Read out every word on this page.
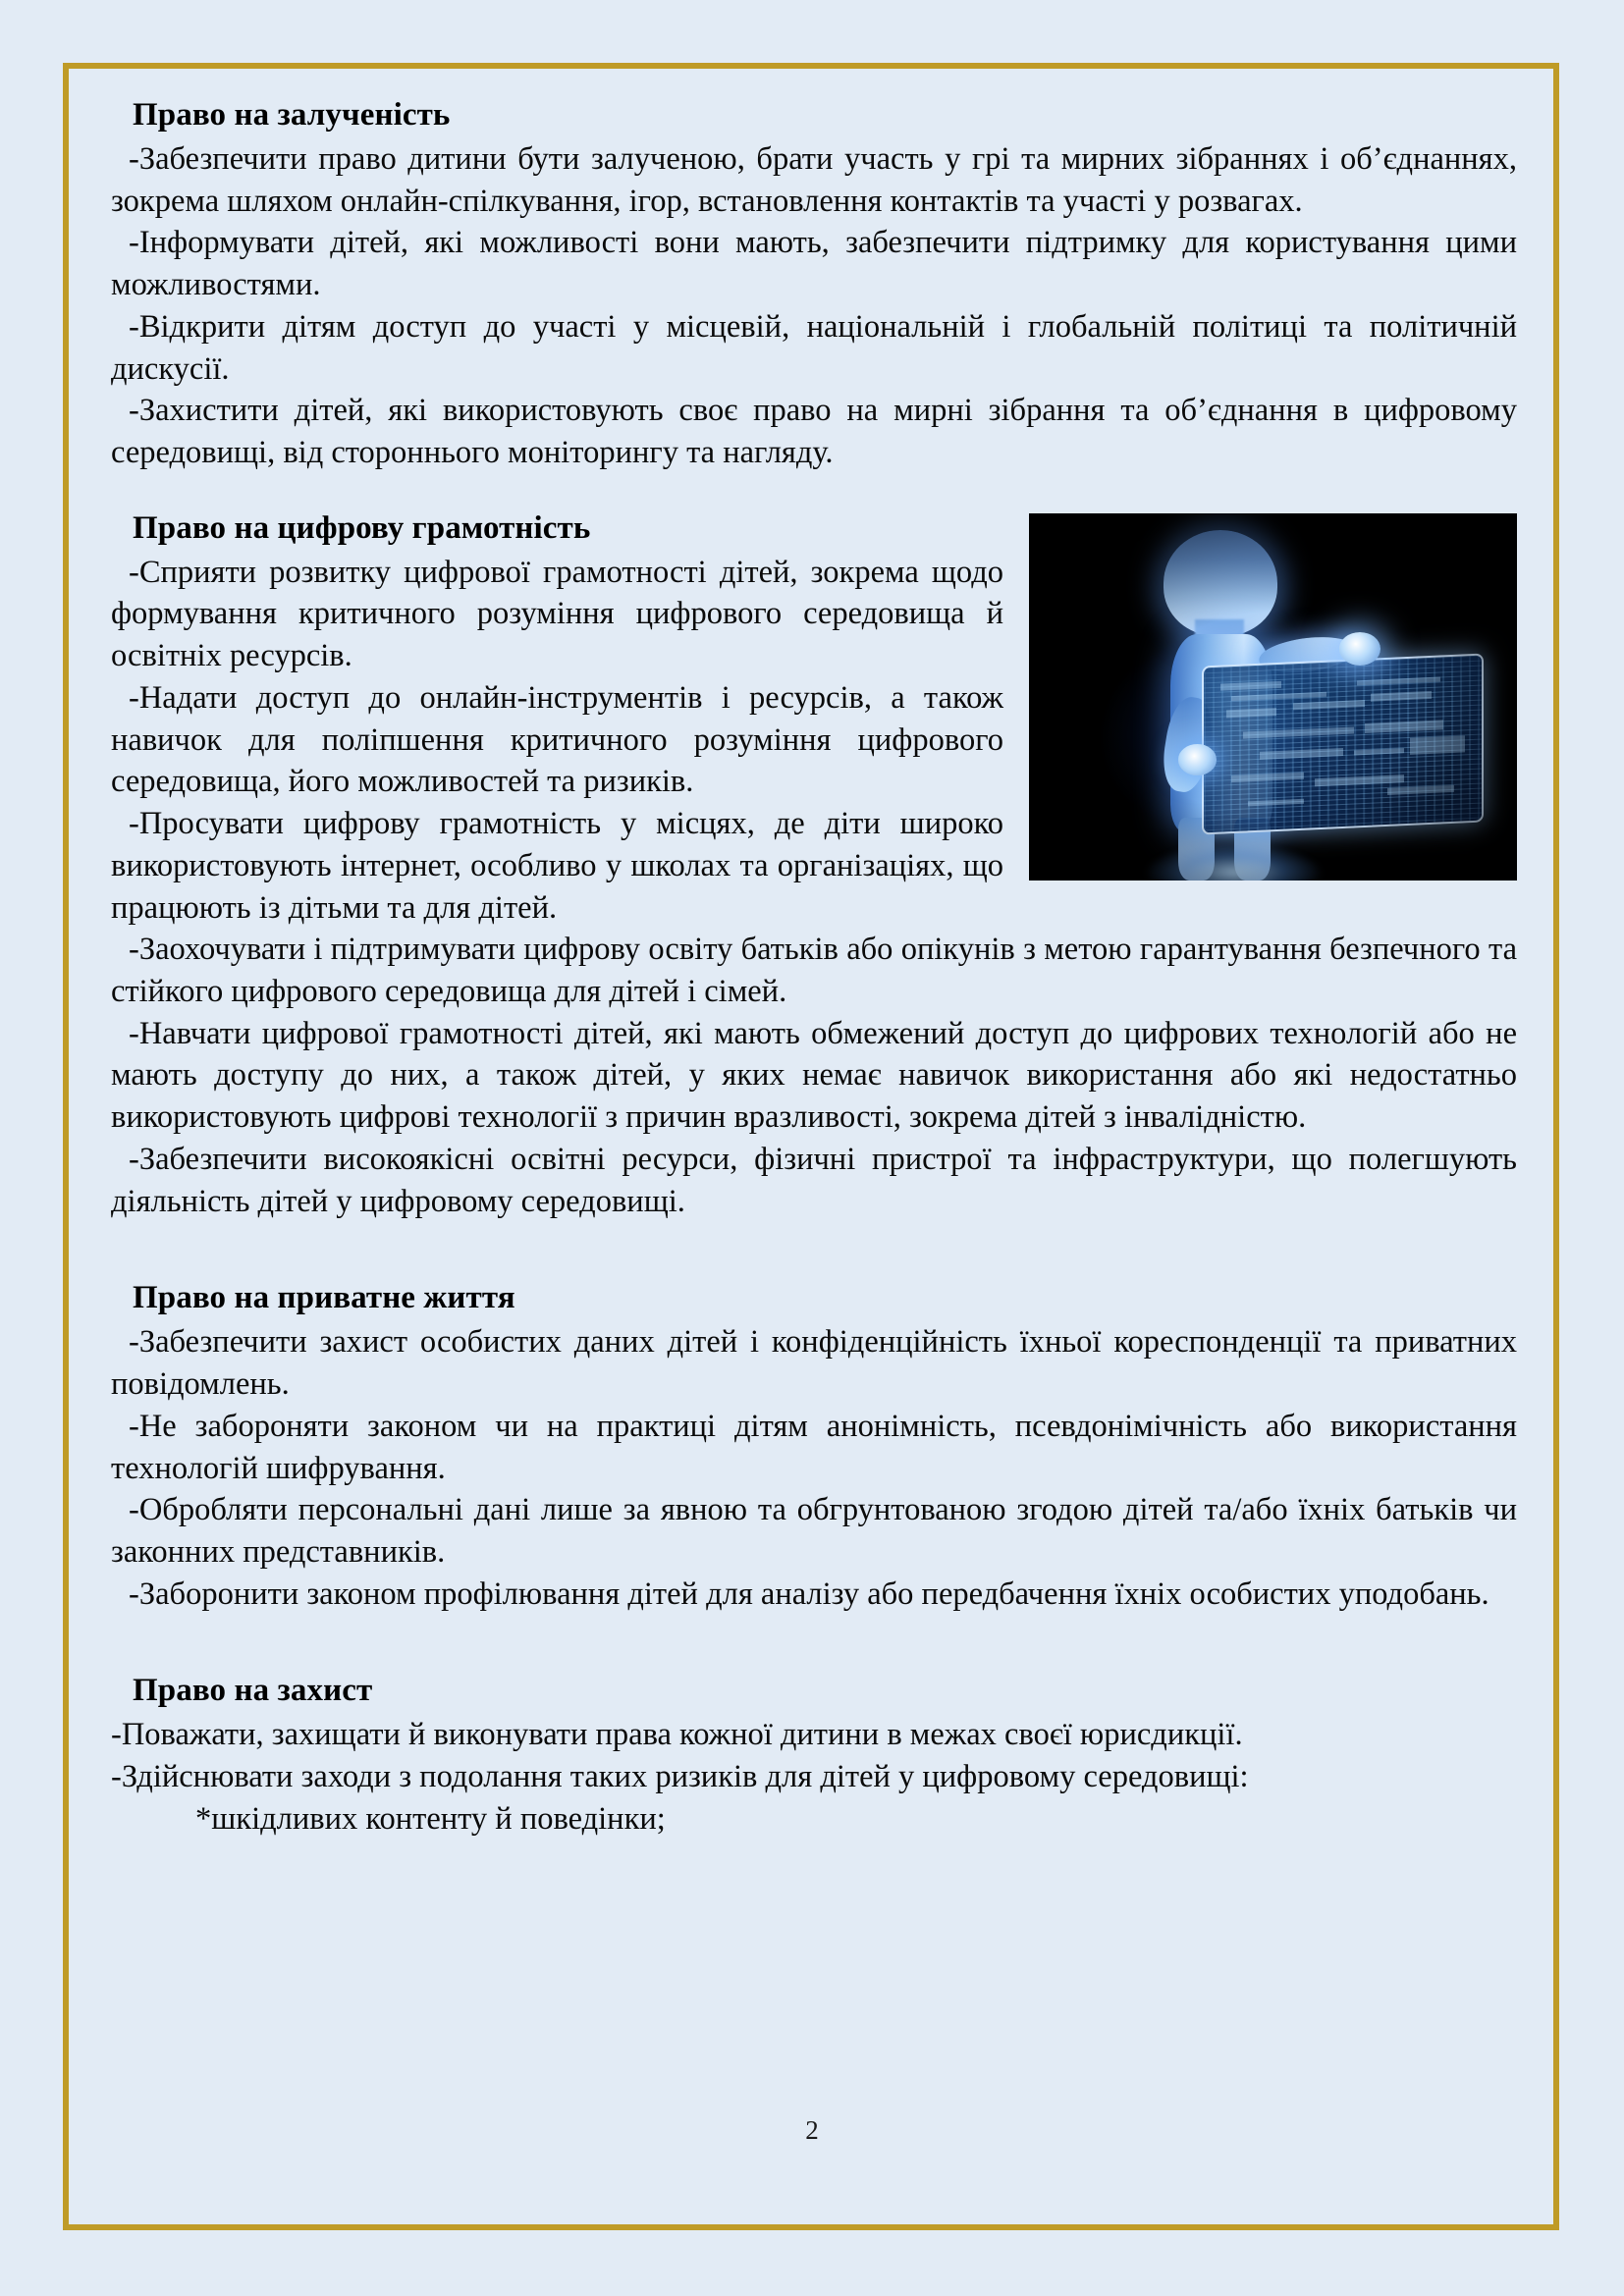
Право на залученість

-Забезпечити право дитини бути залученою, брати участь у грі та мирних зібраннях і об’єднаннях, зокрема шляхом онлайн-спілкування, ігор, встановлення контактів та участі у розвагах.

-Інформувати дітей, які можливості вони мають, забезпечити підтримку для користування цими можливостями.

-Відкрити дітям доступ до участі у місцевій, національній і глобальній політиці та політичній дискусії.

-Захистити дітей, які використовують своє право на мирні зібрання та об’єднання в цифровому середовищі, від стороннього моніторингу та нагляду.

Право на цифрову грамотність

-Сприяти розвитку цифрової грамотності дітей, зокрема щодо формування критичного розуміння цифрового середовища й освітніх ресурсів.

-Надати доступ до онлайн-інструментів і ресурсів, а також навичок для поліпшення критичного розуміння цифрового середовища, його можливостей та ризиків.

-Просувати цифрову грамотність у місцях, де діти широко використовують інтернет, особливо у школах та організаціях, що працюють із дітьми та для дітей.

-Заохочувати і підтримувати цифрову освіту батьків або опікунів з метою гарантування безпечного та стійкого цифрового середовища для дітей і сімей.

-Навчати цифрової грамотності дітей, які мають обмежений доступ до цифрових технологій або не мають доступу до них, а також дітей, у яких немає навичок використання або які недостатньо використовують цифрові технології з причин вразливості, зокрема дітей з інвалідністю.

-Забезпечити високоякісні освітні ресурси, фізичні пристрої та інфраструктури, що полегшують діяльність дітей у цифровому середовищі.

Право на приватне життя

-Забезпечити захист особистих даних дітей і конфіденційність їхньої кореспонденції та приватних повідомлень.

-Не забороняти законом чи на практиці дітям анонімність, псевдонімічність або використання технологій шифрування.

-Обробляти персональні дані лише за явною та обгрунтованою згодою дітей та/або їхніх батьків чи законних представників.

-Заборонити законом профілювання дітей для аналізу або передбачення їхніх особистих уподобань.

Право на захист

-Поважати, захищати й виконувати права кожної дитини в межах своєї юрисдикції.

-Здійснювати заходи з подолання таких ризиків для дітей у цифровому середовищі:

*шкідливих контенту й поведінки;

2
